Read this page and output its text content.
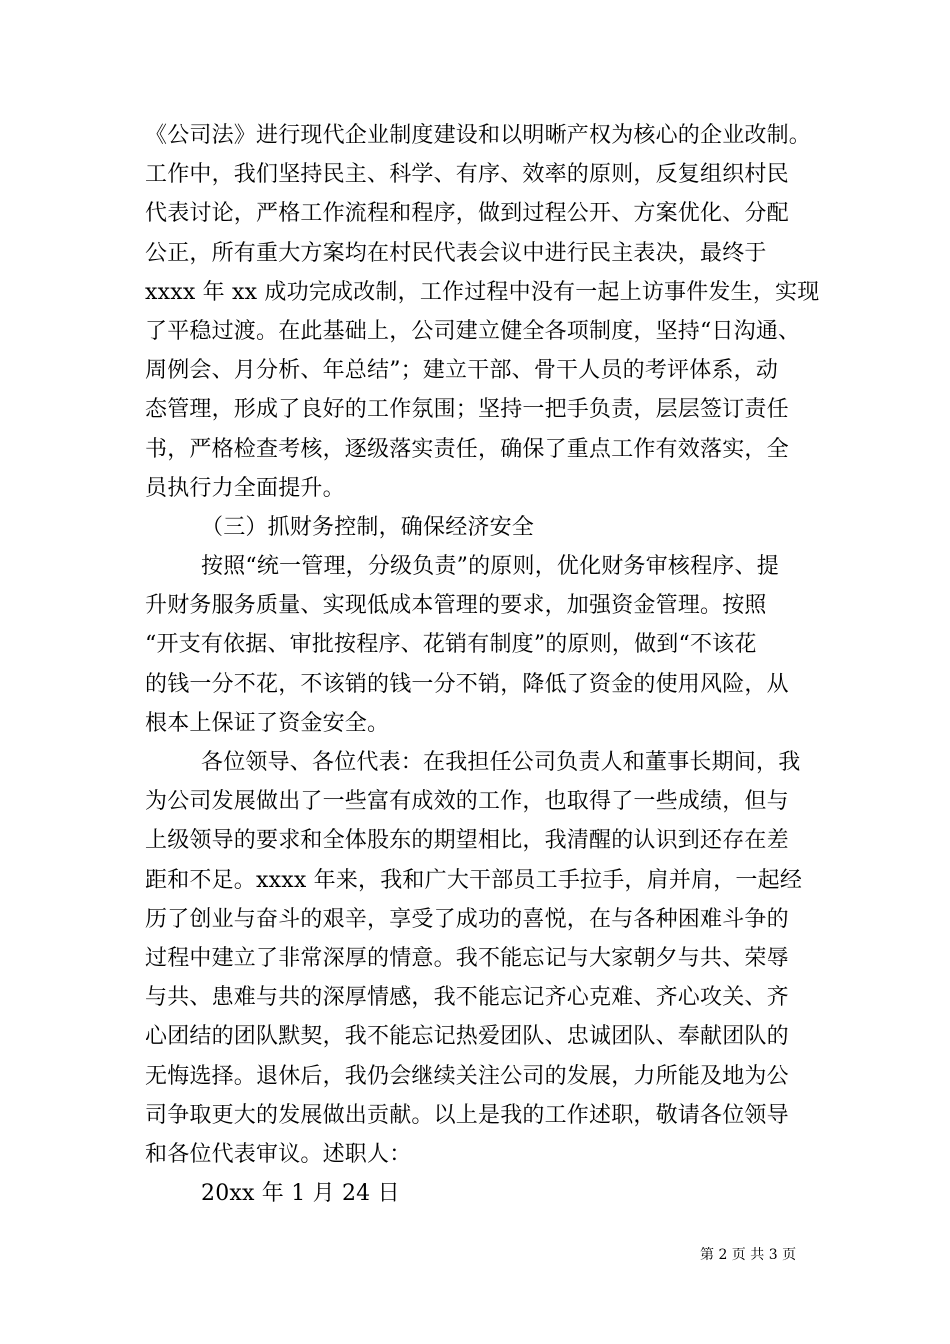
《公司法》进行现代企业制度建设和以明晰产权为核心的企业改制。
工作中，我们坚持民主、科学、有序、效率的原则，反复组织村民
代表讨论，严格工作流程和程序，做到过程公开、方案优化、分配
公正，所有重大方案均在村民代表会议中进行民主表决，最终于
xxxx 年 xx 成功完成改制，工作过程中没有一起上访事件发生，实现
了平稳过渡。在此基础上，公司建立健全各项制度，坚持“日沟通、
周例会、月分析、年总结”；建立干部、骨干人员的考评体系，动
态管理，形成了良好的工作氛围；坚持一把手负责，层层签订责任
书，严格检查考核，逐级落实责任，确保了重点工作有效落实，全
员执行力全面提升。
（三）抓财务控制，确保经济安全
按照“统一管理，分级负责”的原则，优化财务审核程序、提
升财务服务质量、实现低成本管理的要求，加强资金管理。按照
“开支有依据、审批按程序、花销有制度”的原则，做到“不该花
的钱一分不花，不该销的钱一分不销，降低了资金的使用风险，从
根本上保证了资金安全。
各位领导、各位代表：在我担任公司负责人和董事长期间，我
为公司发展做出了一些富有成效的工作，也取得了一些成绩，但与
上级领导的要求和全体股东的期望相比，我清醒的认识到还存在差
距和不足。xxxx 年来，我和广大干部员工手拉手，肩并肩，一起经
历了创业与奋斗的艰辛，享受了成功的喜悦，在与各种困难斗争的
过程中建立了非常深厚的情意。我不能忘记与大家朝夕与共、荣辱
与共、患难与共的深厚情感，我不能忘记齐心克难、齐心攻关、齐
心团结的团队默契，我不能忘记热爱团队、忠诚团队、奉献团队的
无悔选择。退休后，我仍会继续关注公司的发展，力所能及地为公
司争取更大的发展做出贡献。以上是我的工作述职，敬请各位领导
和各位代表审议。述职人：
20xx 年 1 月 24 日
第 2 页 共 3 页
